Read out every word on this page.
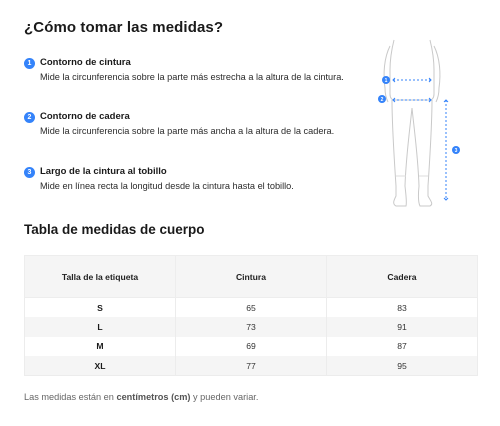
¿Cómo tomar las medidas?
1 Contorno de cintura
Mide la circunferencia sobre la parte más estrecha a la altura de la cintura.
2 Contorno de cadera
Mide la circunferencia sobre la parte más ancha a la altura de la cadera.
3 Largo de la cintura al tobillo
Mide en línea recta la longitud desde la cintura hasta el tobillo.
1
2
3
Tabla de medidas de cuerpo
Talla de la etiqueta	Cintura	Cadera
S	65	83
L	73	91
M	69	87
XL	77	95
Las medidas están en centímetros (cm) y pueden variar.
